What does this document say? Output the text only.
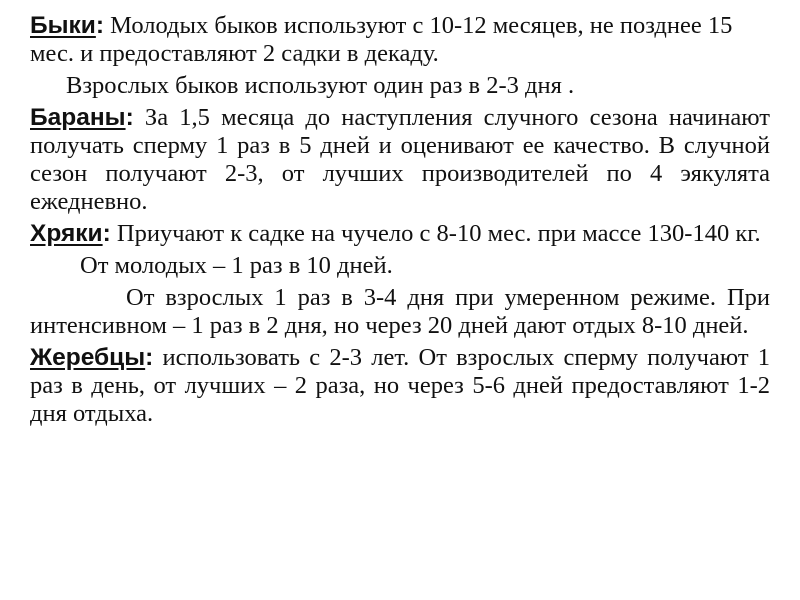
Быки: Молодых быков используют с 10-12 месяцев, не позднее 15 мес. и предоставляют 2 садки в декаду.

Взрослых быков используют один раз в 2-3 дня .

Бараны: За 1,5 месяца до наступления случного сезона начинают получать сперму 1 раз в 5 дней и оценивают ее качество. В случной сезон получают 2-3, от лучших производителей по 4 эякулята ежедневно.

Хряки: Приучают к садке на чучело с 8-10 мес. при массе 130-140 кг.

От молодых – 1 раз в 10 дней.

От взрослых 1 раз в 3-4 дня при умеренном режиме. При интенсивном – 1 раз в 2 дня, но через 20 дней дают отдых 8-10 дней.

Жеребцы: использовать с 2-3 лет. От взрослых сперму получают 1 раз в день, от лучших – 2 раза, но через 5-6 дней предоставляют 1-2 дня отдыха.
